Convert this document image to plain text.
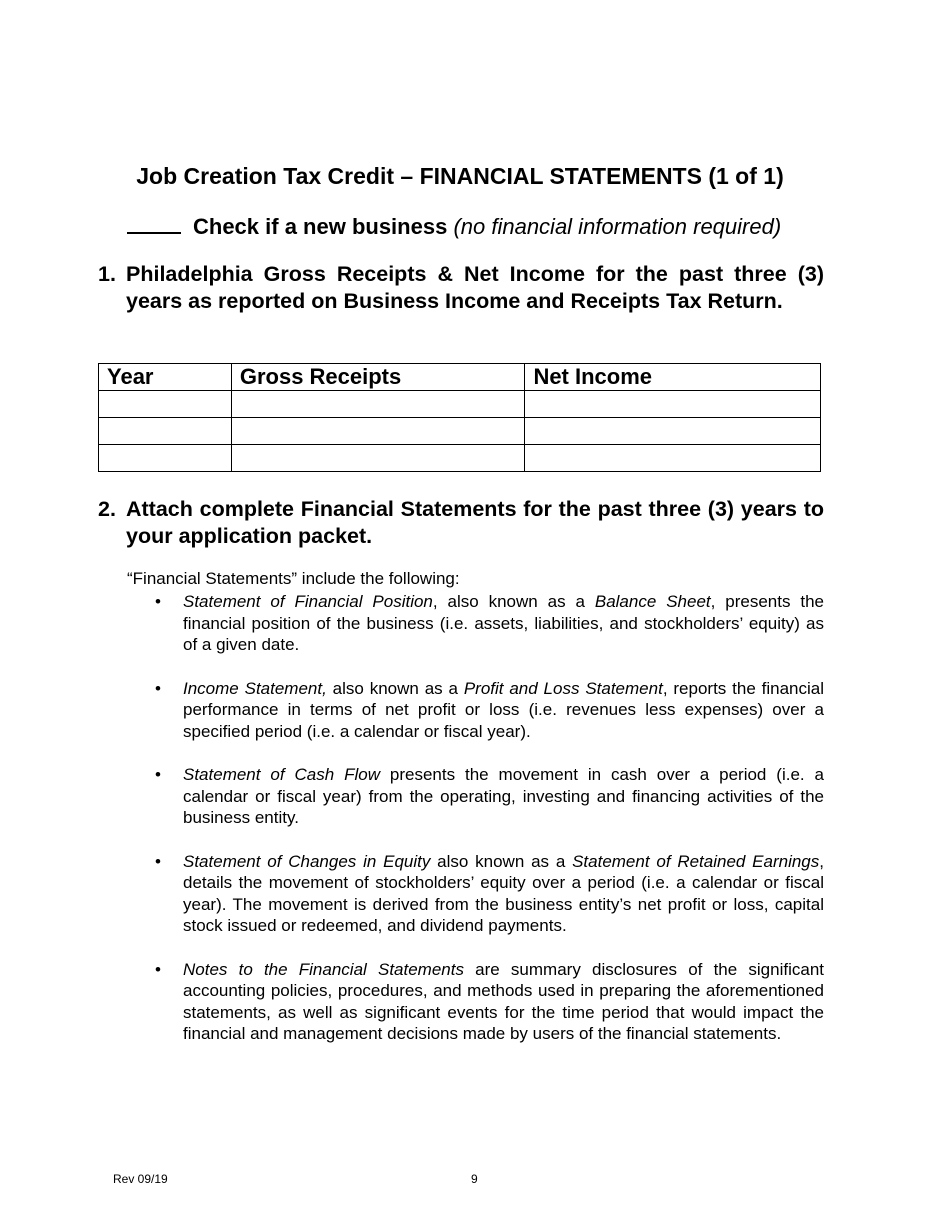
Job Creation Tax Credit – FINANCIAL STATEMENTS (1 of 1)
Check if a new business (no financial information required)
1. Philadelphia Gross Receipts & Net Income for the past three (3) years as reported on Business Income and Receipts Tax Return.
Year	Gross Receipts	Net Income

2. Attach complete Financial Statements for the past three (3) years to your application packet.
“Financial Statements” include the following:
• Statement of Financial Position, also known as a Balance Sheet, presents the financial position of the business (i.e. assets, liabilities, and stockholders’ equity) as of a given date.
• Income Statement, also known as a Profit and Loss Statement, reports the financial performance in terms of net profit or loss (i.e. revenues less expenses) over a specified period (i.e. a calendar or fiscal year).
• Statement of Cash Flow presents the movement in cash over a period (i.e. a calendar or fiscal year) from the operating, investing and financing activities of the business entity.
• Statement of Changes in Equity also known as a Statement of Retained Earnings, details the movement of stockholders’ equity over a period (i.e. a calendar or fiscal year). The movement is derived from the business entity’s net profit or loss, capital stock issued or redeemed, and dividend payments.
• Notes to the Financial Statements are summary disclosures of the significant accounting policies, procedures, and methods used in preparing the aforementioned statements, as well as significant events for the time period that would impact the financial and management decisions made by users of the financial statements.
Rev 09/19	9
